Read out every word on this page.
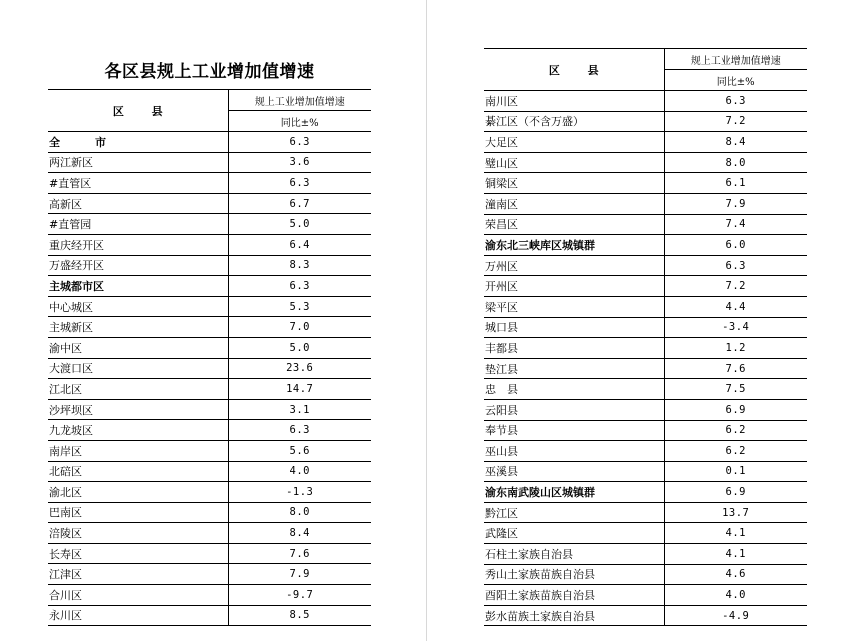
各区县规上工业增加值增速
区 县	规上工业增加值增速
	同比±%
全　市	6.3
两江新区	3.6
#直管区	6.3
高新区	6.7
#直管园	5.0
重庆经开区	6.4
万盛经开区	8.3
主城都市区	6.3
中心城区	5.3
主城新区	7.0
渝中区	5.0
大渡口区	23.6
江北区	14.7
沙坪坝区	3.1
九龙坡区	6.3
南岸区	5.6
北碚区	4.0
渝北区	-1.3
巴南区	8.0
涪陵区	8.4
长寿区	7.6
江津区	7.9
合川区	-9.7
永川区	8.5
区 县	规上工业增加值增速
	同比±%
南川区	6.3
綦江区（不含万盛）	7.2
大足区	8.4
璧山区	8.0
铜梁区	6.1
潼南区	7.9
荣昌区	7.4
渝东北三峡库区城镇群	6.0
万州区	6.3
开州区	7.2
梁平区	4.4
城口县	-3.4
丰都县	1.2
垫江县	7.6
忠　县	7.5
云阳县	6.9
奉节县	6.2
巫山县	6.2
巫溪县	0.1
渝东南武陵山区城镇群	6.9
黔江区	13.7
武隆区	4.1
石柱土家族自治县	4.1
秀山土家族苗族自治县	4.6
酉阳土家族苗族自治县	4.0
彭水苗族土家族自治县	-4.9
